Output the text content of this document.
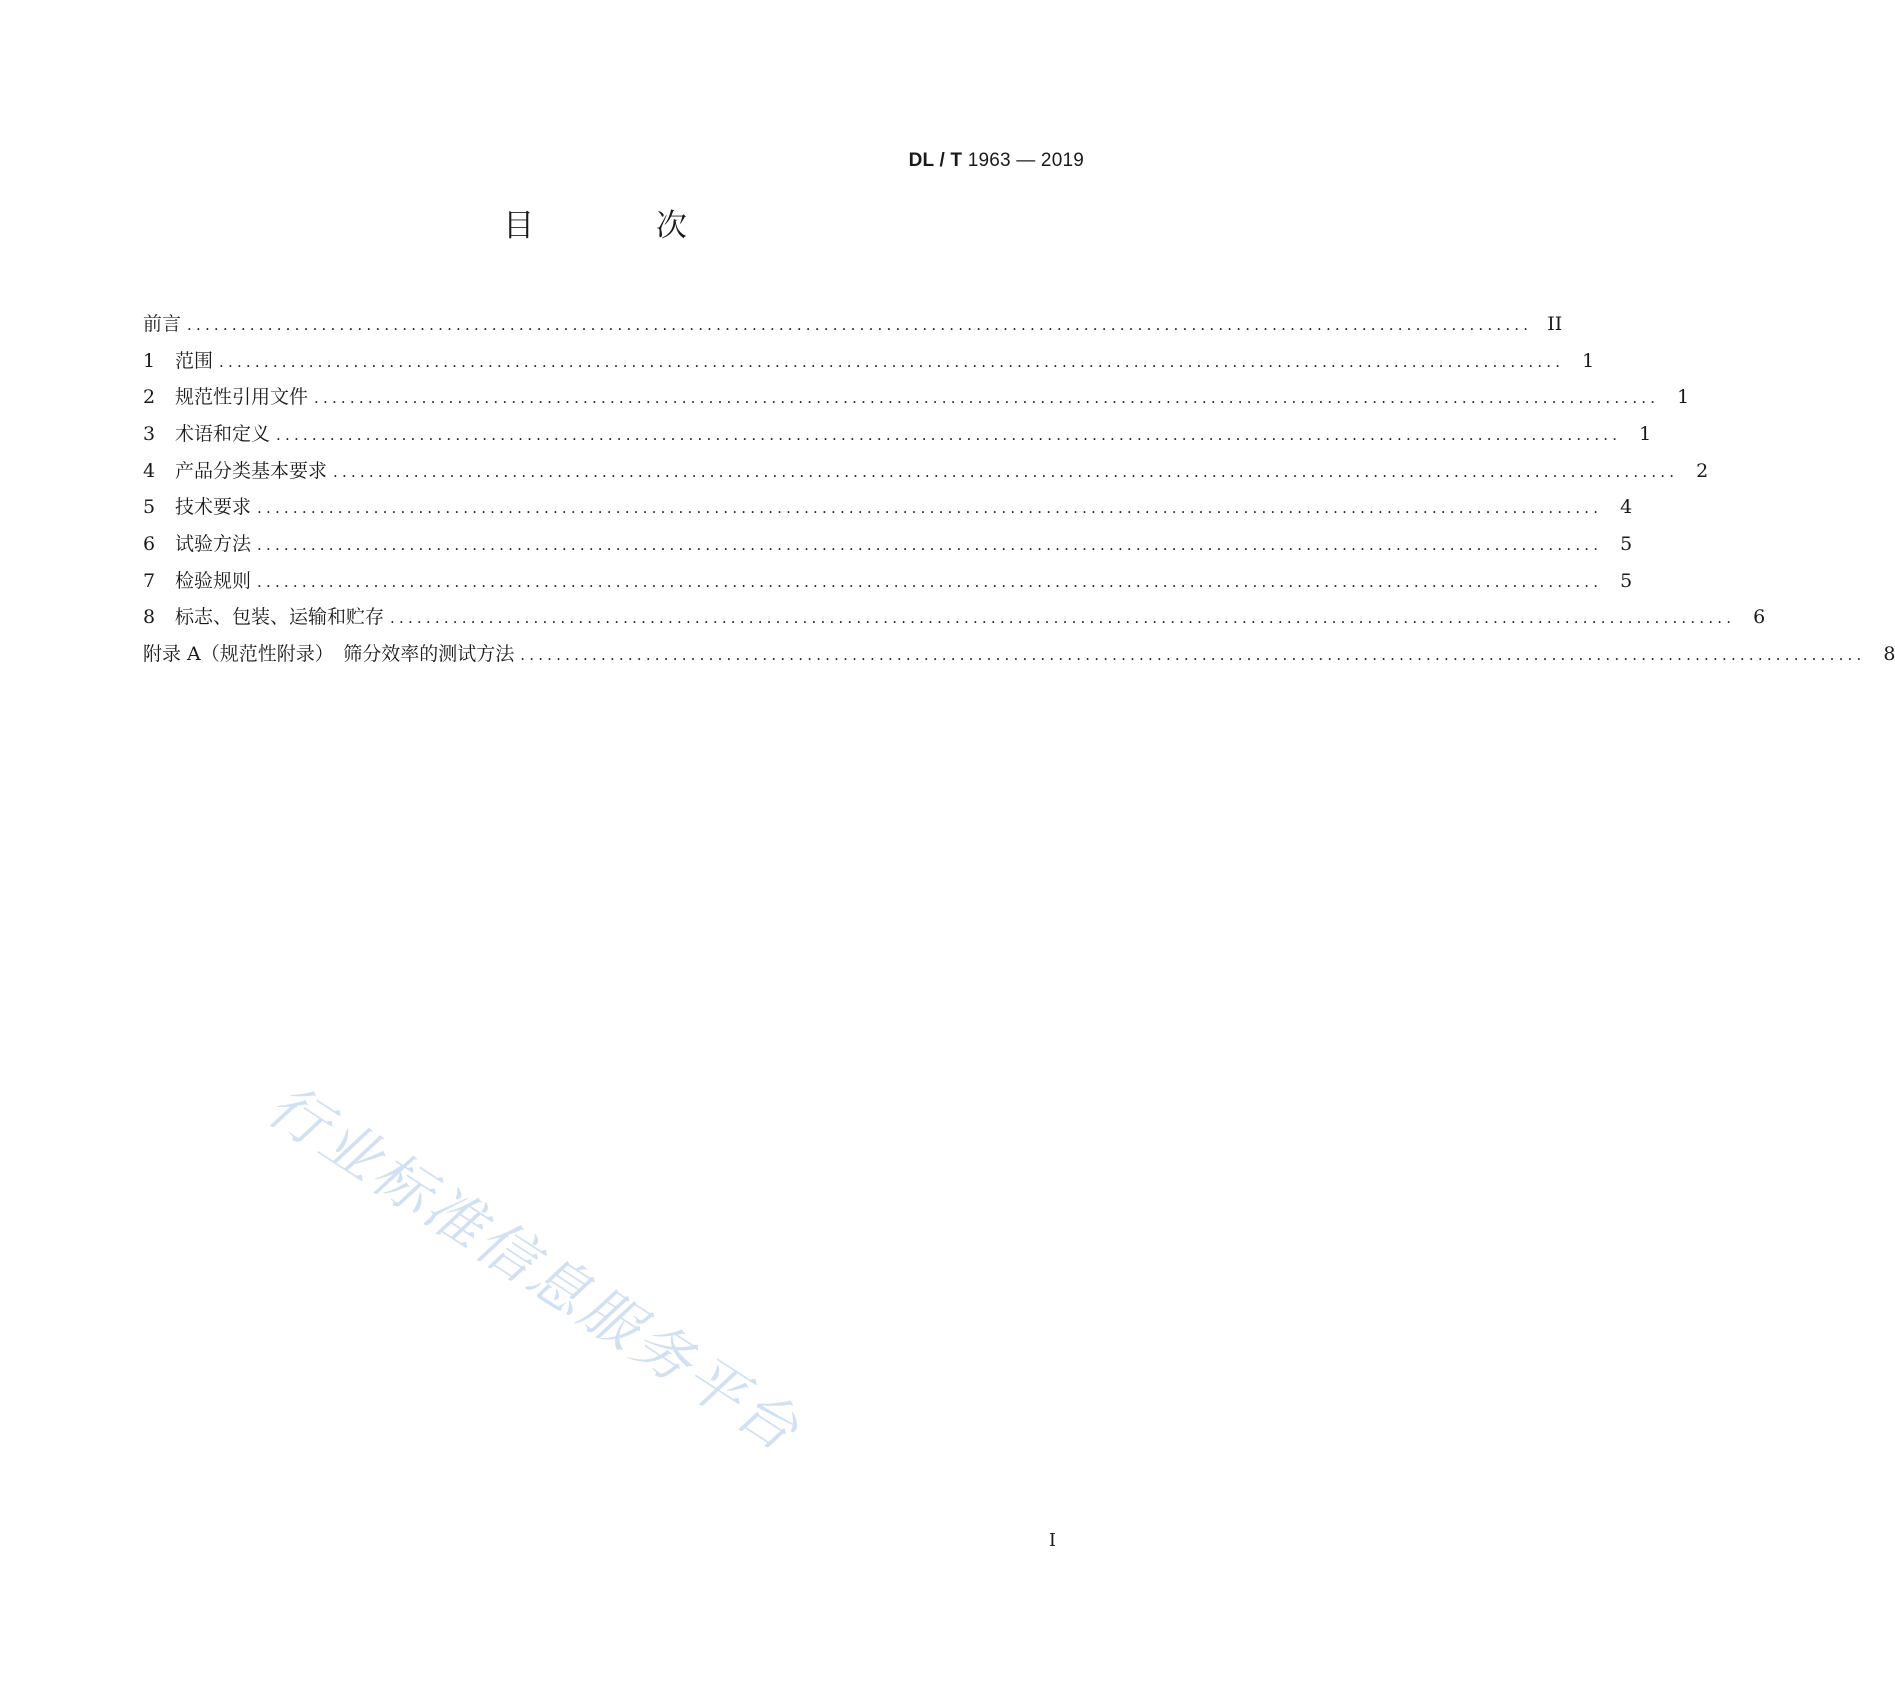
DL / T 1963 — 2019
目 次
前言 ...................................................................................................................................................... II
1	范围 ...................................................................................................................................................... 1
2	规范性引用文件 ...................................................................................................................................................... 1
3	术语和定义 ...................................................................................................................................................... 1
4	产品分类基本要求 ...................................................................................................................................................... 2
5	技术要求 ...................................................................................................................................................... 4
6	试验方法 ...................................................................................................................................................... 5
7	检验规则 ...................................................................................................................................................... 5
8	标志、包装、运输和贮存 ...................................................................................................................................................... 6
附录 A（规范性附录）　筛分效率的测试方法 ...................................................................................................................................................... 8
行业标准信息服务平台
I
